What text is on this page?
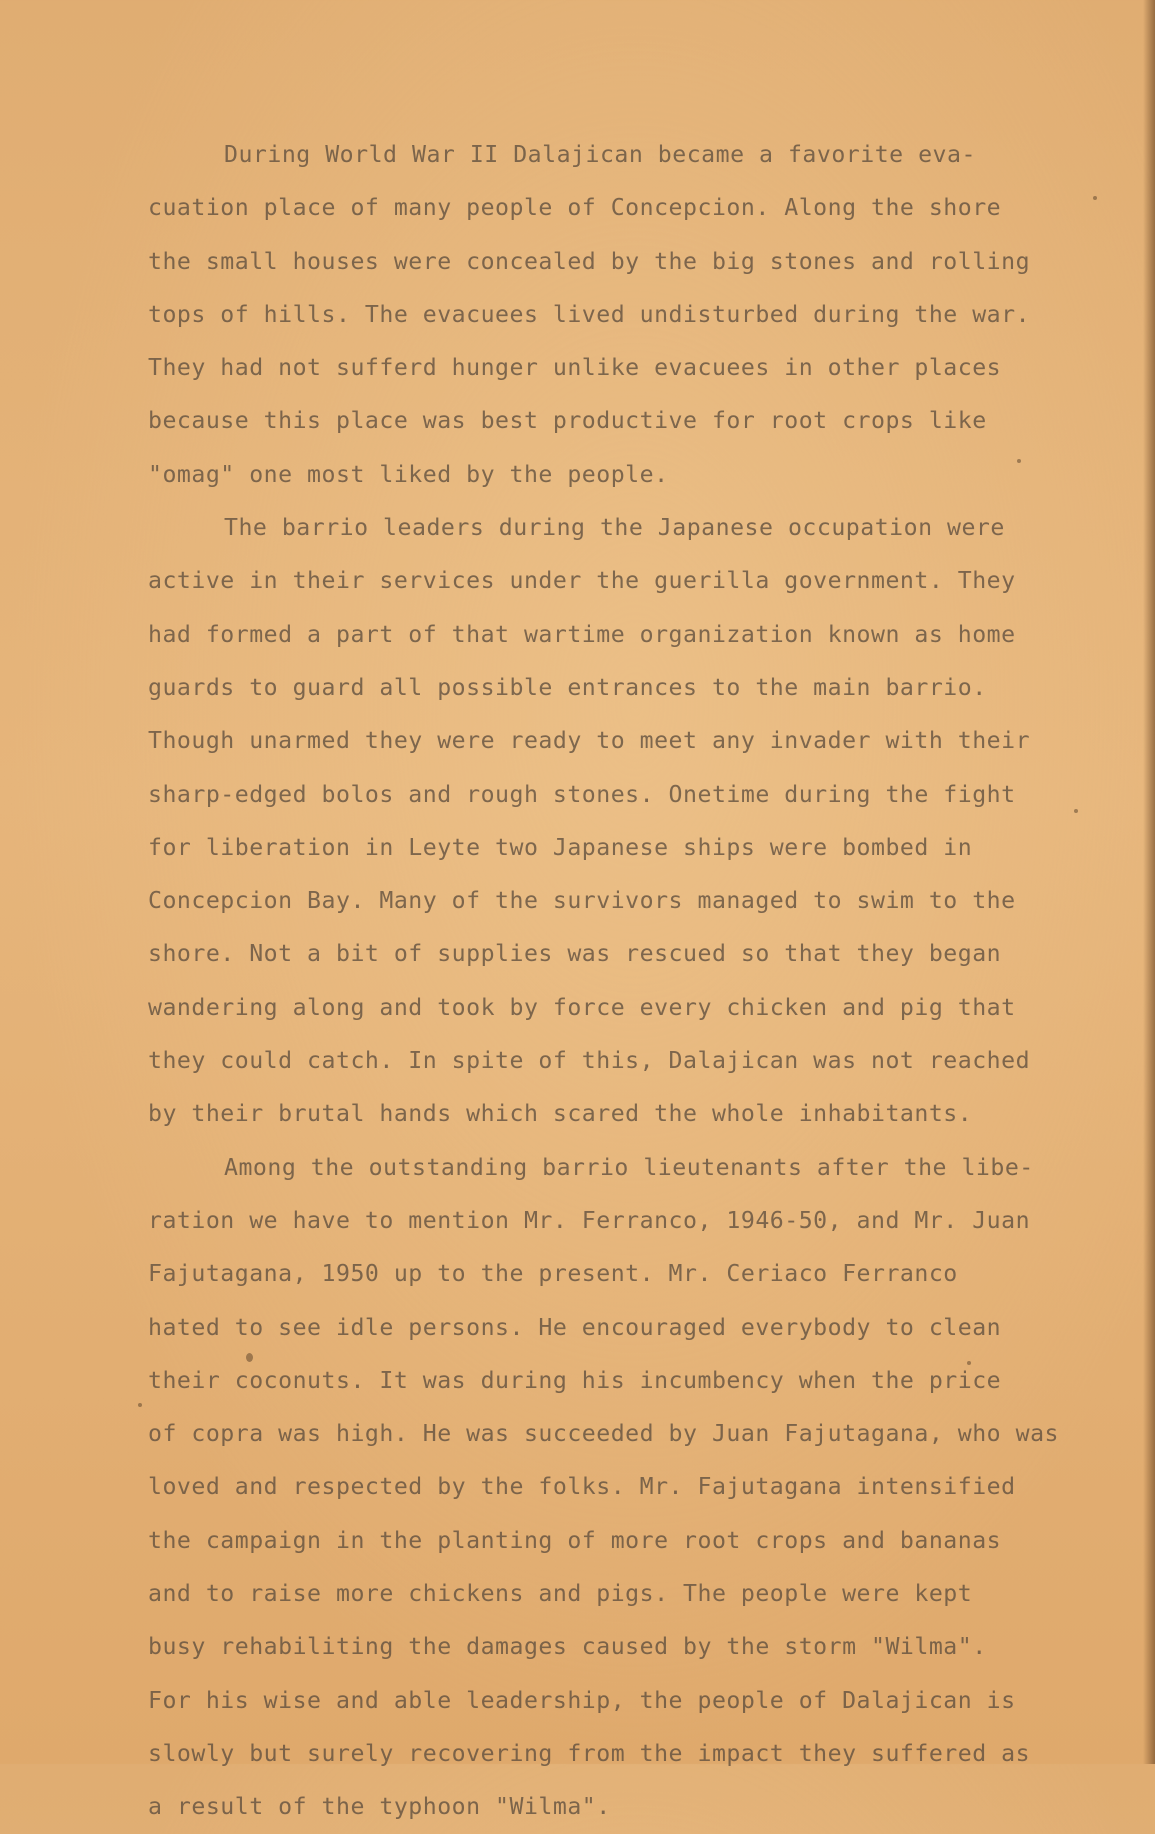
During World War II Dalajican became a favorite eva-
cuation place of many people of Concepcion. Along the shore
the small houses were concealed by the big stones and rolling
tops of hills. The evacuees lived undisturbed during the war.
They had not sufferd hunger unlike evacuees in other places
because this place was best productive for root crops like
"omag" one most liked by the people.
The barrio leaders during the Japanese occupation were
active in their services under the guerilla government. They
had formed a part of that wartime organization known as home
guards to guard all possible entrances to the main barrio.
Though unarmed they were ready to meet any invader with their
sharp-edged bolos and rough stones. Onetime during the fight
for liberation in Leyte two Japanese ships were bombed in
Concepcion Bay. Many of the survivors managed to swim to the
shore. Not a bit of supplies was rescued so that they began
wandering along and took by force every chicken and pig that
they could catch. In spite of this, Dalajican was not reached
by their brutal hands which scared the whole inhabitants.
Among the outstanding barrio lieutenants after the libe-
ration we have to mention Mr. Ferranco, 1946-50, and Mr. Juan
Fajutagana, 1950 up to the present. Mr. Ceriaco Ferranco
hated to see idle persons. He encouraged everybody to clean
their coconuts. It was during his incumbency when the price
of copra was high. He was succeeded by Juan Fajutagana, who was
loved and respected by the folks. Mr. Fajutagana intensified
the campaign in the planting of more root crops and bananas
and to raise more chickens and pigs. The people were kept
busy rehabiliting the damages caused by the storm "Wilma".
For his wise and able leadership, the people of Dalajican is
slowly but surely recovering from the impact they suffered as
a result of the typhoon "Wilma".
